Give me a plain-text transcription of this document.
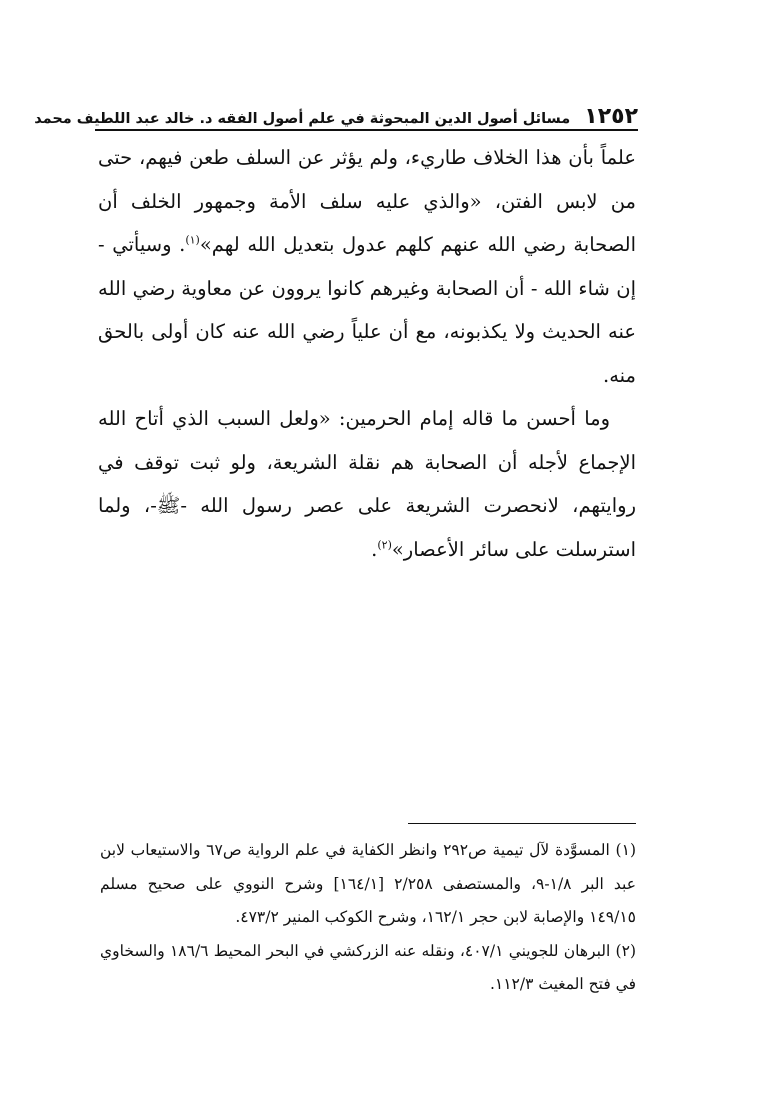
١٢٥٢
مسائل أصول الدين المبحوثة في علم أصول الفقه د. خالد عبد اللطيف محمد

علماً بأن هذا الخلاف طاريء، ولم يؤثر عن السلف طعن فيهم، حتى من لابس الفتن، «والذي عليه سلف الأمة وجمهور الخلف أن الصحابة رضي الله عنهم كلهم عدول بتعديل الله لهم»$^{(١)}$. وسيأتي - إن شاء الله - أن الصحابة وغيرهم كانوا يروون عن معاوية رضي الله عنه الحديث ولا يكذبونه، مع أن علياً رضي الله عنه كان أولى بالحق منه.

وما أحسن ما قاله إمام الحرمين: «ولعل السبب الذي أتاح الله الإجماع لأجله أن الصحابة هم نقلة الشريعة، ولو ثبت توقف في روايتهم، لانحصرت الشريعة على عصر رسول الله -ﷺ-، ولما استرسلت على سائر الأعصار»$^{(٢)}$.

(١) المسوَّدة لآل تيمية ص٢٩٢ وانظر الكفاية في علم الرواية ص٦٧ والاستيعاب لابن عبد البر ١/٨-٩، والمستصفى ٢/٢٥٨ [١٦٤/١] وشرح النووي على صحيح مسلم ١٤٩/١٥ والإصابة لابن حجر ١٦٢/١، وشرح الكوكب المنير ٤٧٣/٢.

(٢) البرهان للجويني ٤٠٧/١، ونقله عنه الزركشي في البحر المحيط ١٨٦/٦ والسخاوي في فتح المغيث ١١٢/٣.
